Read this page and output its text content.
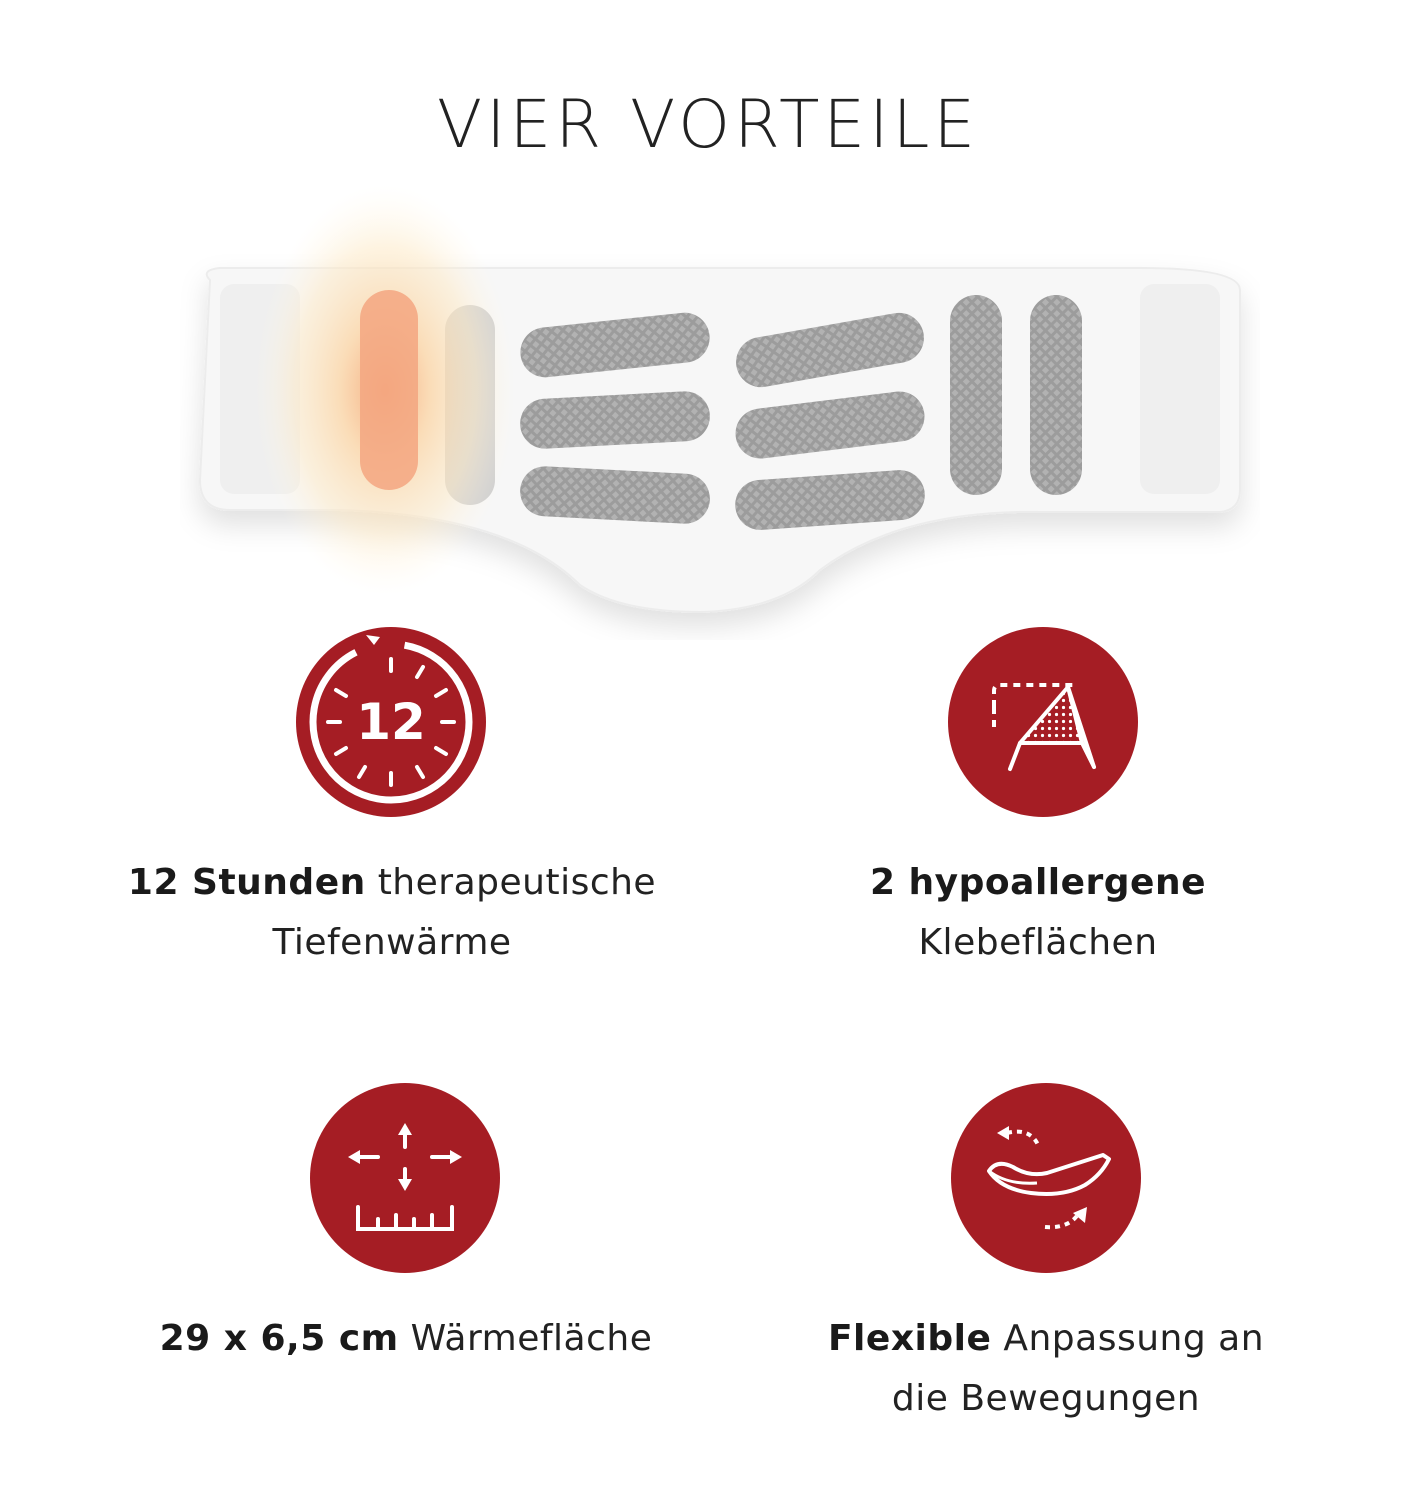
VIER VORTEILE
12
12 Stunden therapeutische
Tiefenwärme
2 hypoallergene
Klebeflächen
29 x 6,5 cm Wärmefläche	Flexible Anpassung an
die Bewegungen
